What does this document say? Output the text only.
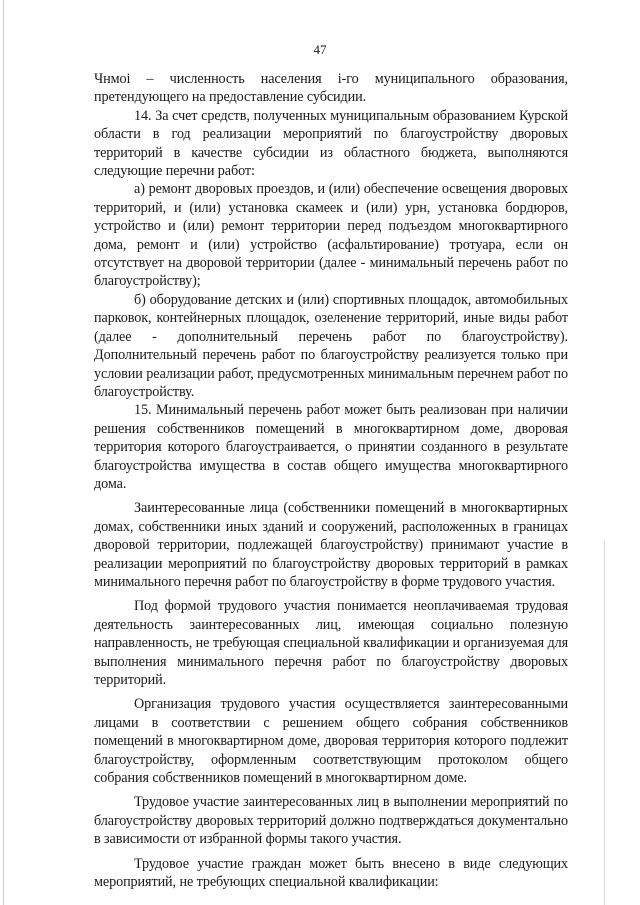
47

Чнмоi – численность населения i-го муниципального образования, претендующего на предоставление субсидии.

14. За счет средств, полученных муниципальным образованием Курской области в год реализации мероприятий по благоустройству дворовых территорий в качестве субсидии из областного бюджета, выполняются следующие перечни работ:

а) ремонт дворовых проездов, и (или) обеспечение освещения дворовых территорий, и (или) установка скамеек и (или) урн, установка бордюров, устройство и (или) ремонт территории перед подъездом многоквартирного дома, ремонт и (или) устройство (асфальтирование) тротуара, если он отсутствует на дворовой территории (далее - минимальный перечень работ по благоустройству);

б) оборудование детских и (или) спортивных площадок, автомобильных парковок, контейнерных площадок, озеленение территорий, иные виды работ (далее - дополнительный перечень работ по благоустройству). Дополнительный перечень работ по благоустройству реализуется только при условии реализации работ, предусмотренных минимальным перечнем работ по благоустройству.

15. Минимальный перечень работ может быть реализован при наличии решения собственников помещений в многоквартирном доме, дворовая территория которого благоустраивается, о принятии созданного в результате благоустройства имущества в состав общего имущества многоквартирного дома.

Заинтересованные лица (собственники помещений в многоквартирных домах, собственники иных зданий и сооружений, расположенных в границах дворовой территории, подлежащей благоустройству) принимают участие в реализации мероприятий по благоустройству дворовых территорий в рамках минимального перечня работ по благоустройству в форме трудового участия.

Под формой трудового участия понимается неоплачиваемая трудовая деятельность заинтересованных лиц, имеющая социально полезную направленность, не требующая специальной квалификации и организуемая для выполнения минимального перечня работ по благоустройству дворовых территорий.

Организация трудового участия осуществляется заинтересованными лицами в соответствии с решением общего собрания собственников помещений в многоквартирном доме, дворовая территория которого подлежит благоустройству, оформленным соответствующим протоколом общего собрания собственников помещений в многоквартирном доме.

Трудовое участие заинтересованных лиц в выполнении мероприятий по благоустройству дворовых территорий должно подтверждаться документально в зависимости от избранной формы такого участия.

Трудовое участие граждан может быть внесено в виде следующих мероприятий, не требующих специальной квалификации:
